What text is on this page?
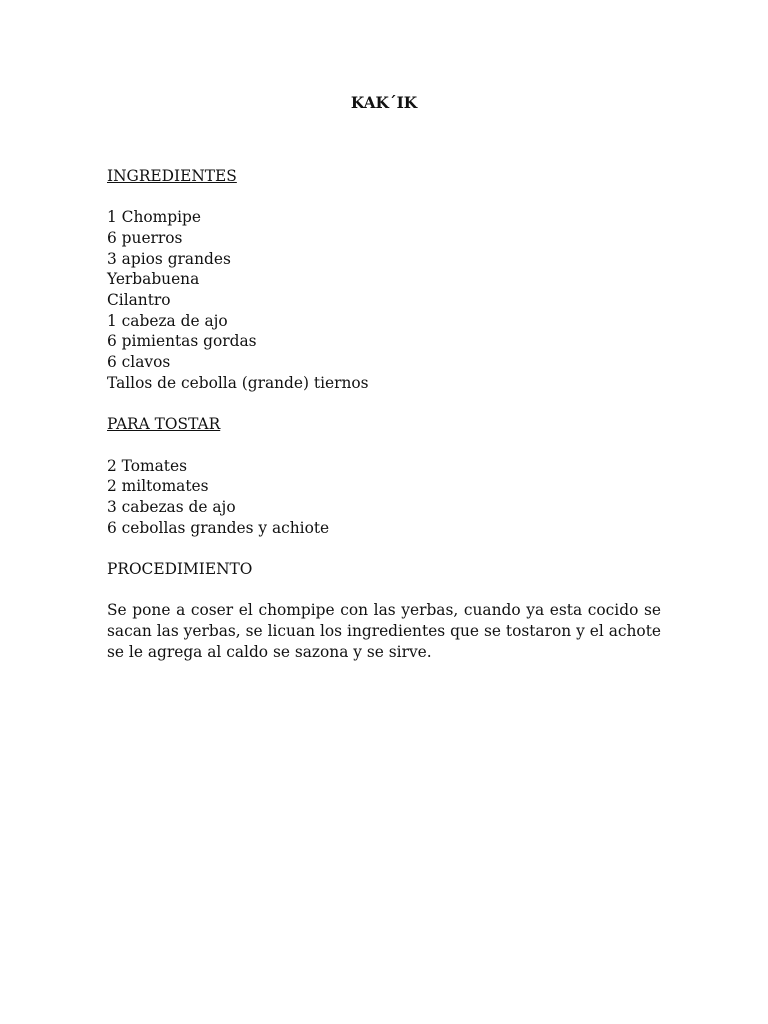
KAK´IK
INGREDIENTES
1 Chompipe
6 puerros
3 apios grandes
Yerbabuena
Cilantro
1 cabeza de ajo
6 pimientas gordas
6 clavos
Tallos de cebolla (grande) tiernos
PARA TOSTAR
2 Tomates
2 miltomates
3 cabezas de ajo
6 cebollas grandes y achiote
PROCEDIMIENTO

Se pone a coser el chompipe con las yerbas, cuando ya esta cocido se sacan las yerbas, se licuan los ingredientes que se tostaron y el achote se le agrega al caldo se sazona y se sirve.
